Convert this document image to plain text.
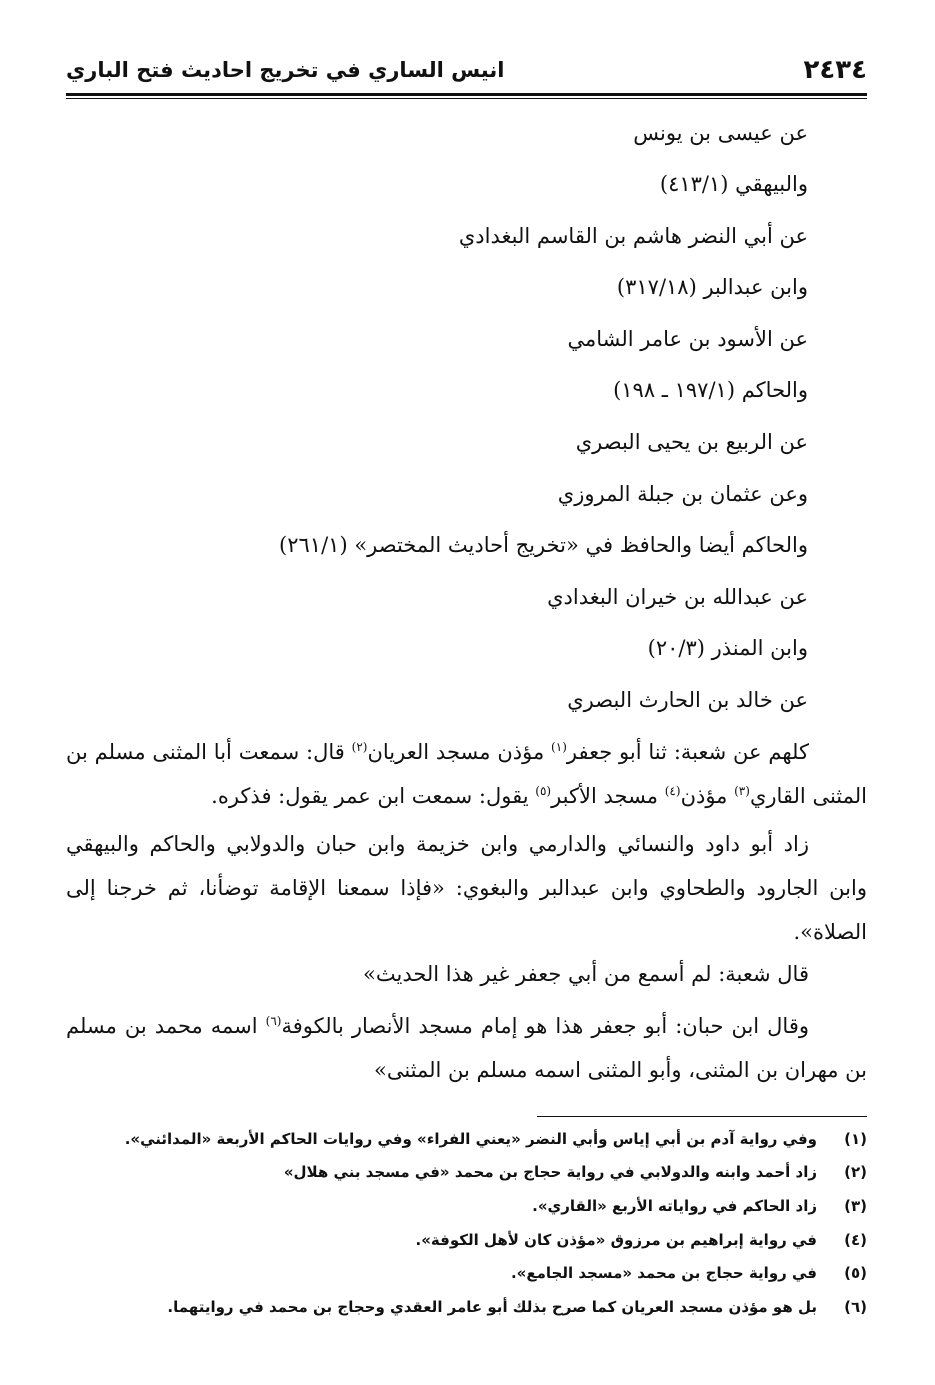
٢٤٣٤
انيس الساري في تخريج احاديث فتح الباري
عن عيسى بن يونس
والبيهقي (٤١٣/١)
عن أبي النضر هاشم بن القاسم البغدادي
وابن عبدالبر (٣١٧/١٨)
عن الأسود بن عامر الشامي
والحاكم (١٩٧/١ ـ ١٩٨)
عن الربيع بن يحيى البصري
وعن عثمان بن جبلة المروزي
والحاكم أيضا والحافظ في «تخريج أحاديث المختصر» (٢٦١/١)
عن عبدالله بن خيران البغدادي
وابن المنذر (٢٠/٣)
عن خالد بن الحارث البصري
كلهم عن شعبة: ثنا أبو جعفر$^{(١)}$ مؤذن مسجد العريان$^{(٢)}$ قال: سمعت أبا المثنى مسلم بن المثنى القاري$^{(٣)}$ مؤذن$^{(٤)}$ مسجد الأكبر$^{(٥)}$ يقول: سمعت ابن عمر يقول: فذكره.
زاد أبو داود والنسائي والدارمي وابن خزيمة وابن حبان والدولابي والحاكم والبيهقي وابن الجارود والطحاوي وابن عبدالبر والبغوي: «فإذا سمعنا الإقامة توضأنا، ثم خرجنا إلى الصلاة».
قال شعبة: لم أسمع من أبي جعفر غير هذا الحديث»
وقال ابن حبان: أبو جعفر هذا هو إمام مسجد الأنصار بالكوفة$^{(٦)}$ اسمه محمد بن مسلم بن مهران بن المثنى، وأبو المثنى اسمه مسلم بن المثنى»
(١)وفي رواية آدم بن أبي إياس وأبي النضر «يعني الفراء» وفي روايات الحاكم الأربعة «المدائني».
(٢)زاد أحمد وابنه والدولابي في رواية حجاج بن محمد «في مسجد بني هلال»
(٣)زاد الحاكم في رواياته الأربع «القاري».
(٤)في رواية إبراهيم بن مرزوق «مؤذن كان لأهل الكوفة».
(٥)في رواية حجاج بن محمد «مسجد الجامع».
(٦)بل هو مؤذن مسجد العريان كما صرح بذلك أبو عامر العقدي وحجاج بن محمد في روايتهما.
